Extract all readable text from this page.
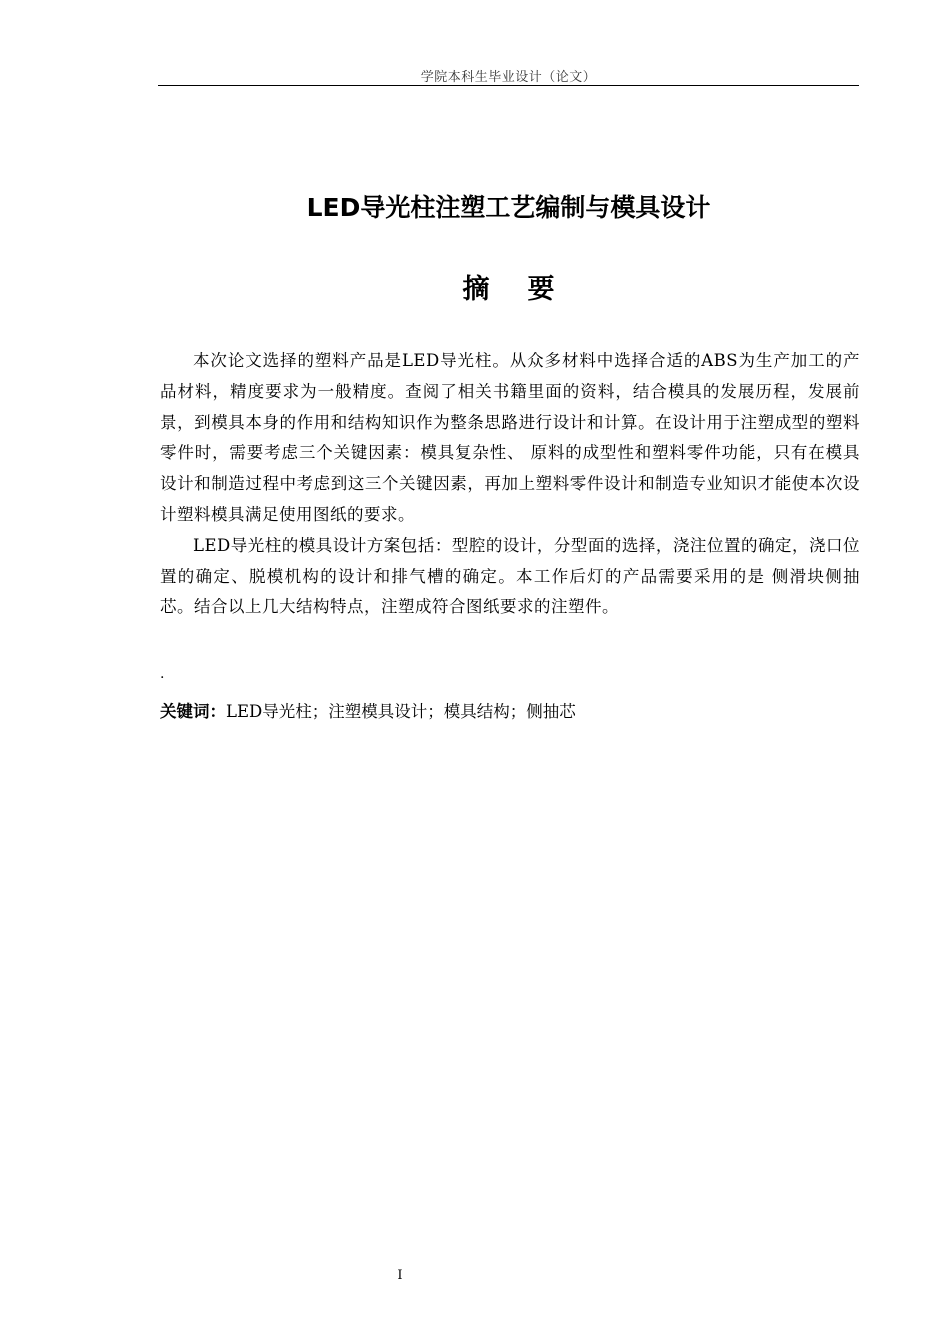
学院本科生毕业设计（论文）
LED导光柱注塑工艺编制与模具设计
摘要

本次论文选择的塑料产品是LED导光柱。从众多材料中选择合适的ABS为生产加工的产品材料，精度要求为一般精度。查阅了相关书籍里面的资料，结合模具的发展历程，发展前景，到模具本身的作用和结构知识作为整条思路进行设计和计算。在设计用于注塑成型的塑料零件时，需要考虑三个关键因素：模具复杂性、 原料的成型性和塑料零件功能，只有在模具设计和制造过程中考虑到这三个关键因素，再加上塑料零件设计和制造专业知识才能使本次设计塑料模具满足使用图纸的要求。

LED导光柱的模具设计方案包括：型腔的设计，分型面的选择，浇注位置的确定，浇口位置的确定、脱模机构的设计和排气槽的确定。本工作后灯的产品需要采用的是 侧滑块侧抽芯。结合以上几大结构特点，注塑成符合图纸要求的注塑件。

.
关键词：LED导光柱；注塑模具设计；模具结构；侧抽芯
I
